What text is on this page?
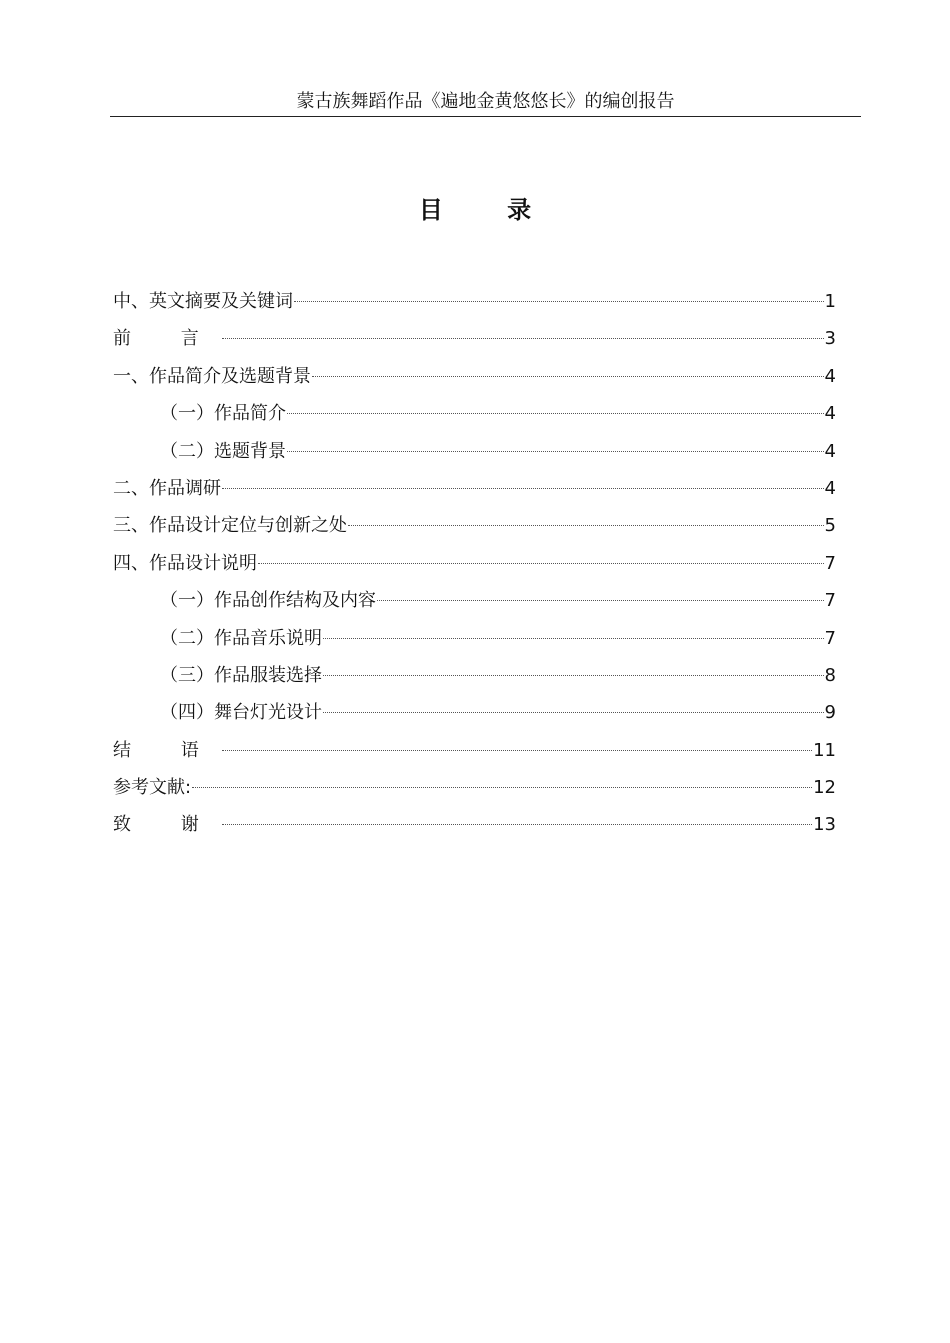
蒙古族舞蹈作品《遍地金黄悠悠长》的编创报告
目 录
中、英文摘要及关键词	1
前 言	3
一、作品简介及选题背景	4
（一）作品简介	4
（二）选题背景	4
二、作品调研	4
三、作品设计定位与创新之处	5
四、作品设计说明	7
（一）作品创作结构及内容	7
（二）作品音乐说明	7
（三）作品服装选择	8
（四）舞台灯光设计	9
结 语	11
参考文献:	12
致 谢	13
